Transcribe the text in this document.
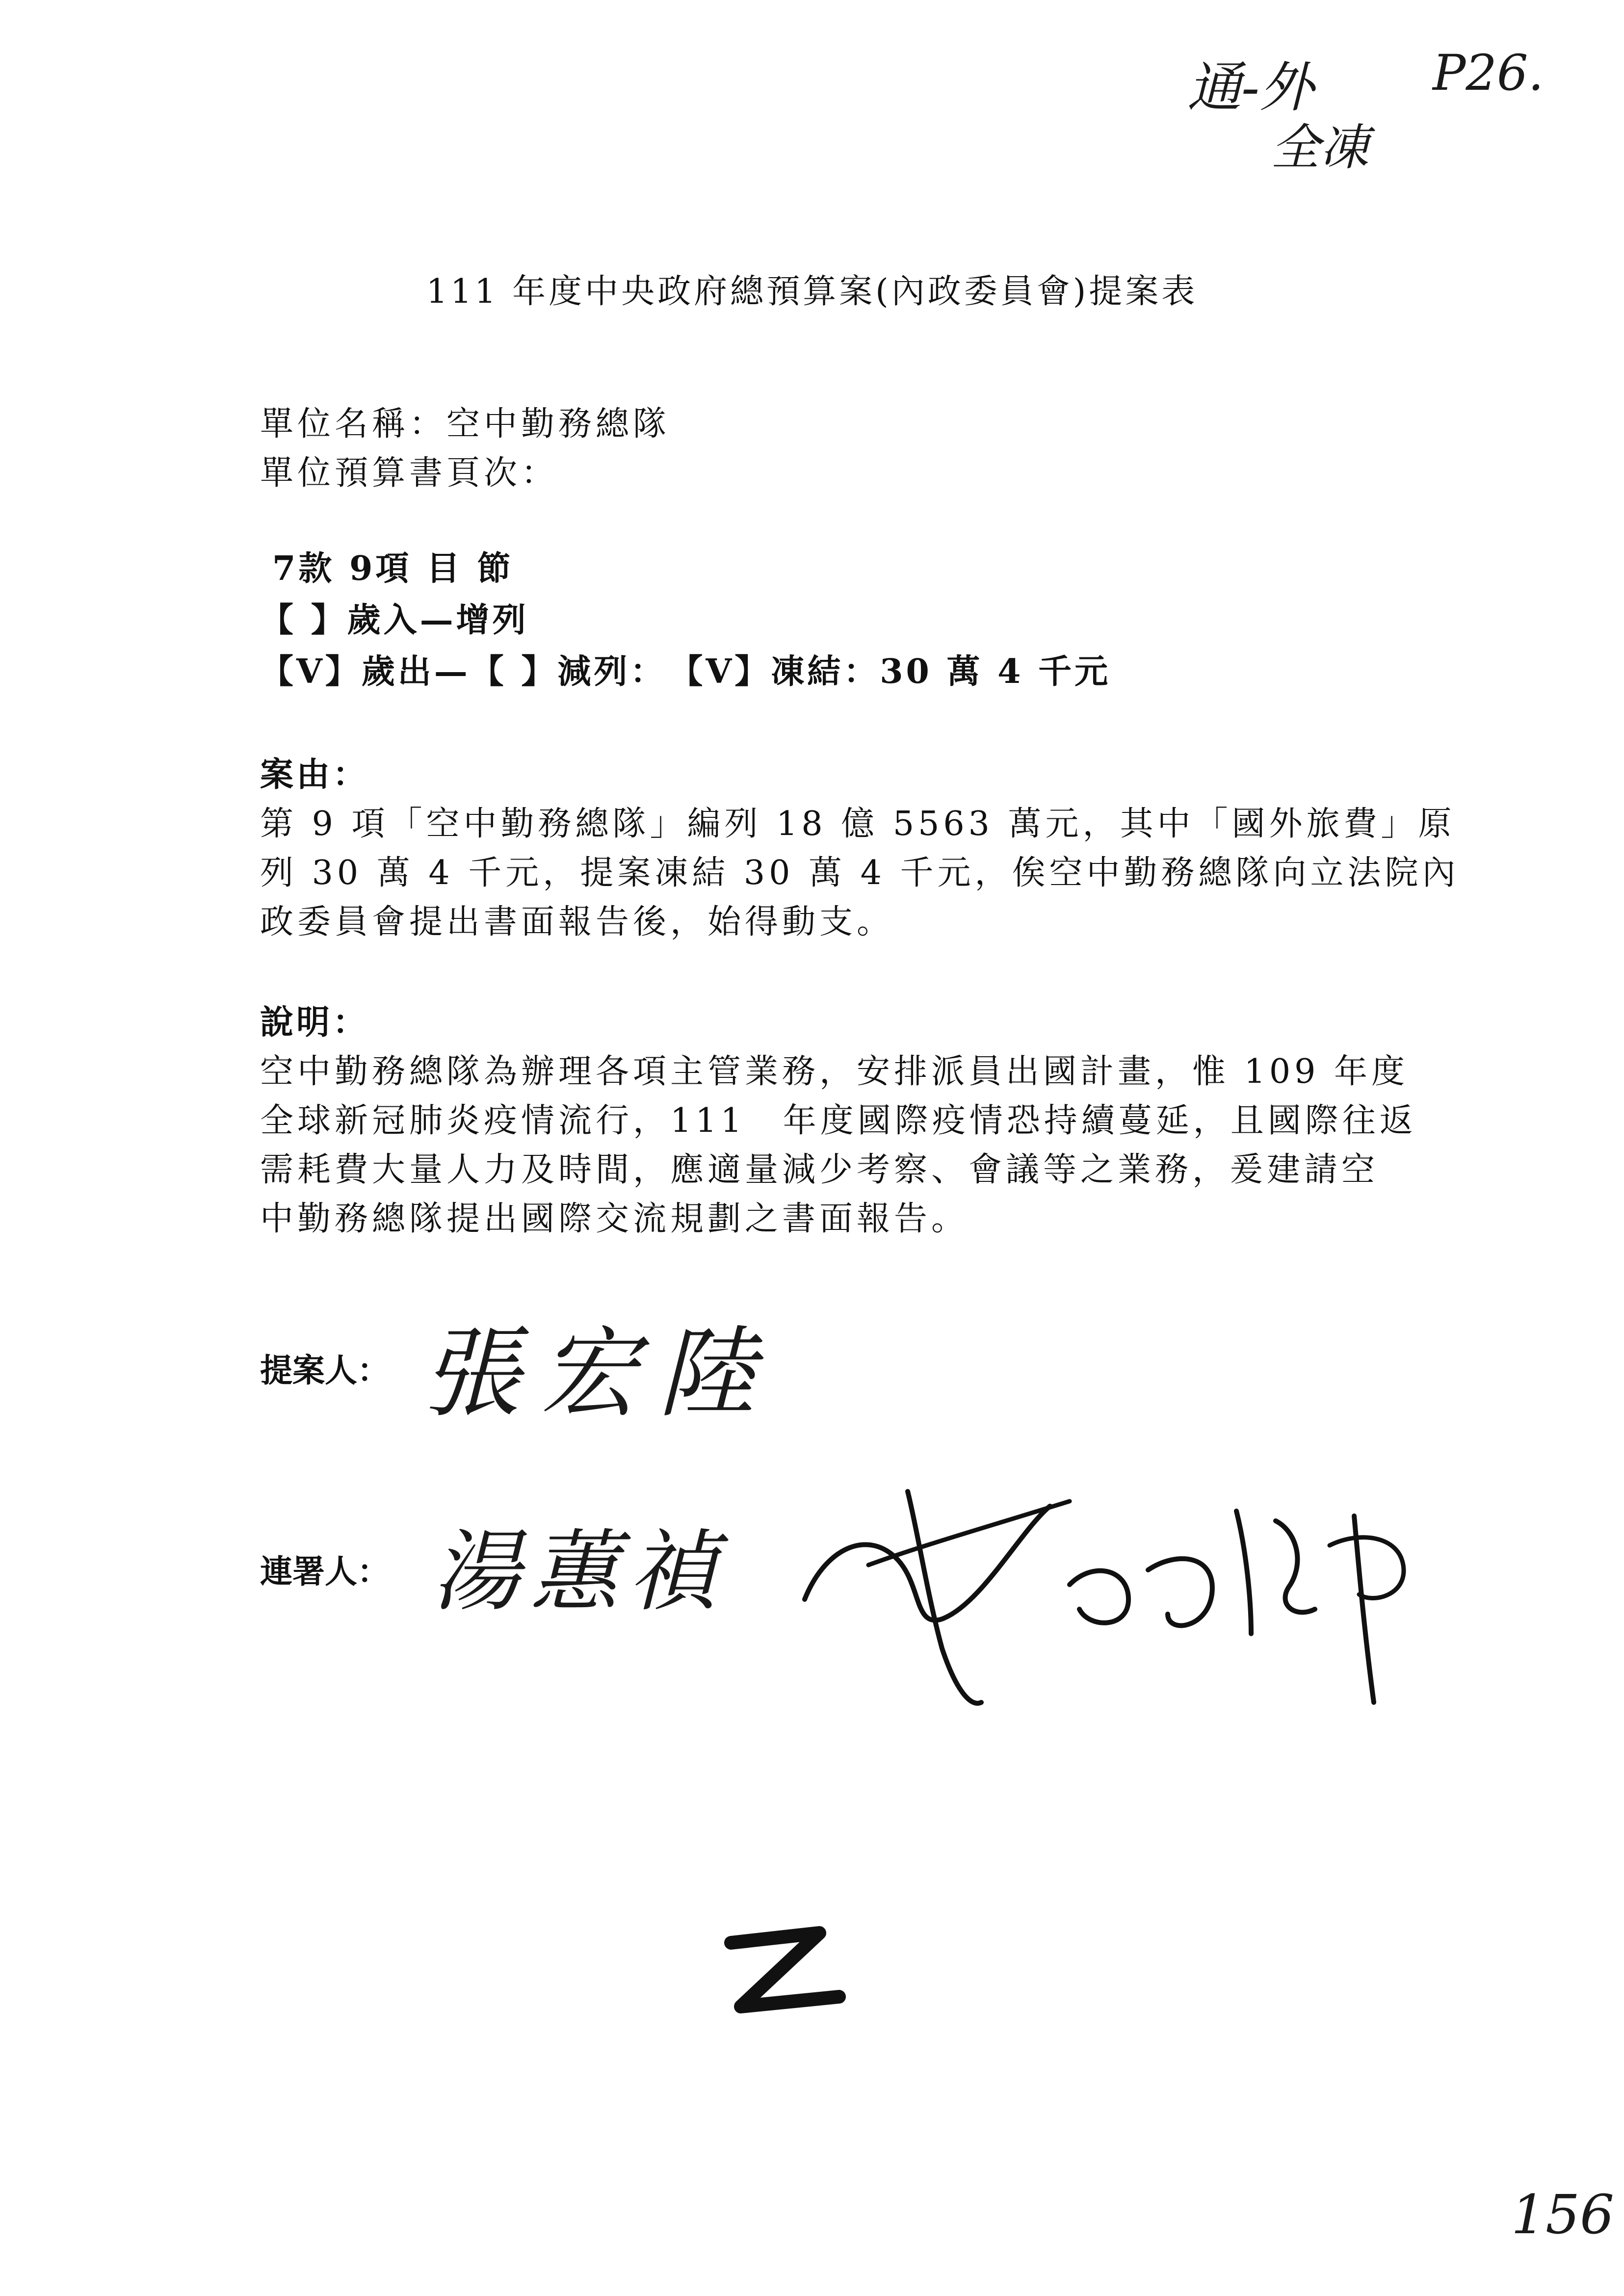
通-外

全凍

P26.

111 年度中央政府總預算案(內政委員會)提案表

單位名稱：空中勤務總隊

單位預算書頁次：

7款 9項 目 節

【 】歲入—增列

【V】歲出—【 】減列：　【V】凍結：30 萬 4 千元

案由：

第 9 項「空中勤務總隊」編列 18 億 5563 萬元，其中「國外旅費」原

列 30 萬 4 千元，提案凍結 30 萬 4 千元，俟空中勤務總隊向立法院內

政委員會提出書面報告後，始得動支。

說明：

空中勤務總隊為辦理各項主管業務，安排派員出國計畫，惟 109 年度

全球新冠肺炎疫情流行，111　年度國際疫情恐持續蔓延，且國際往返

需耗費大量人力及時間，應適量減少考察、會議等之業務，爰建請空

中勤務總隊提出國際交流規劃之書面報告。

提案人： 張宏陸

連署人： 湯蕙禎

156
